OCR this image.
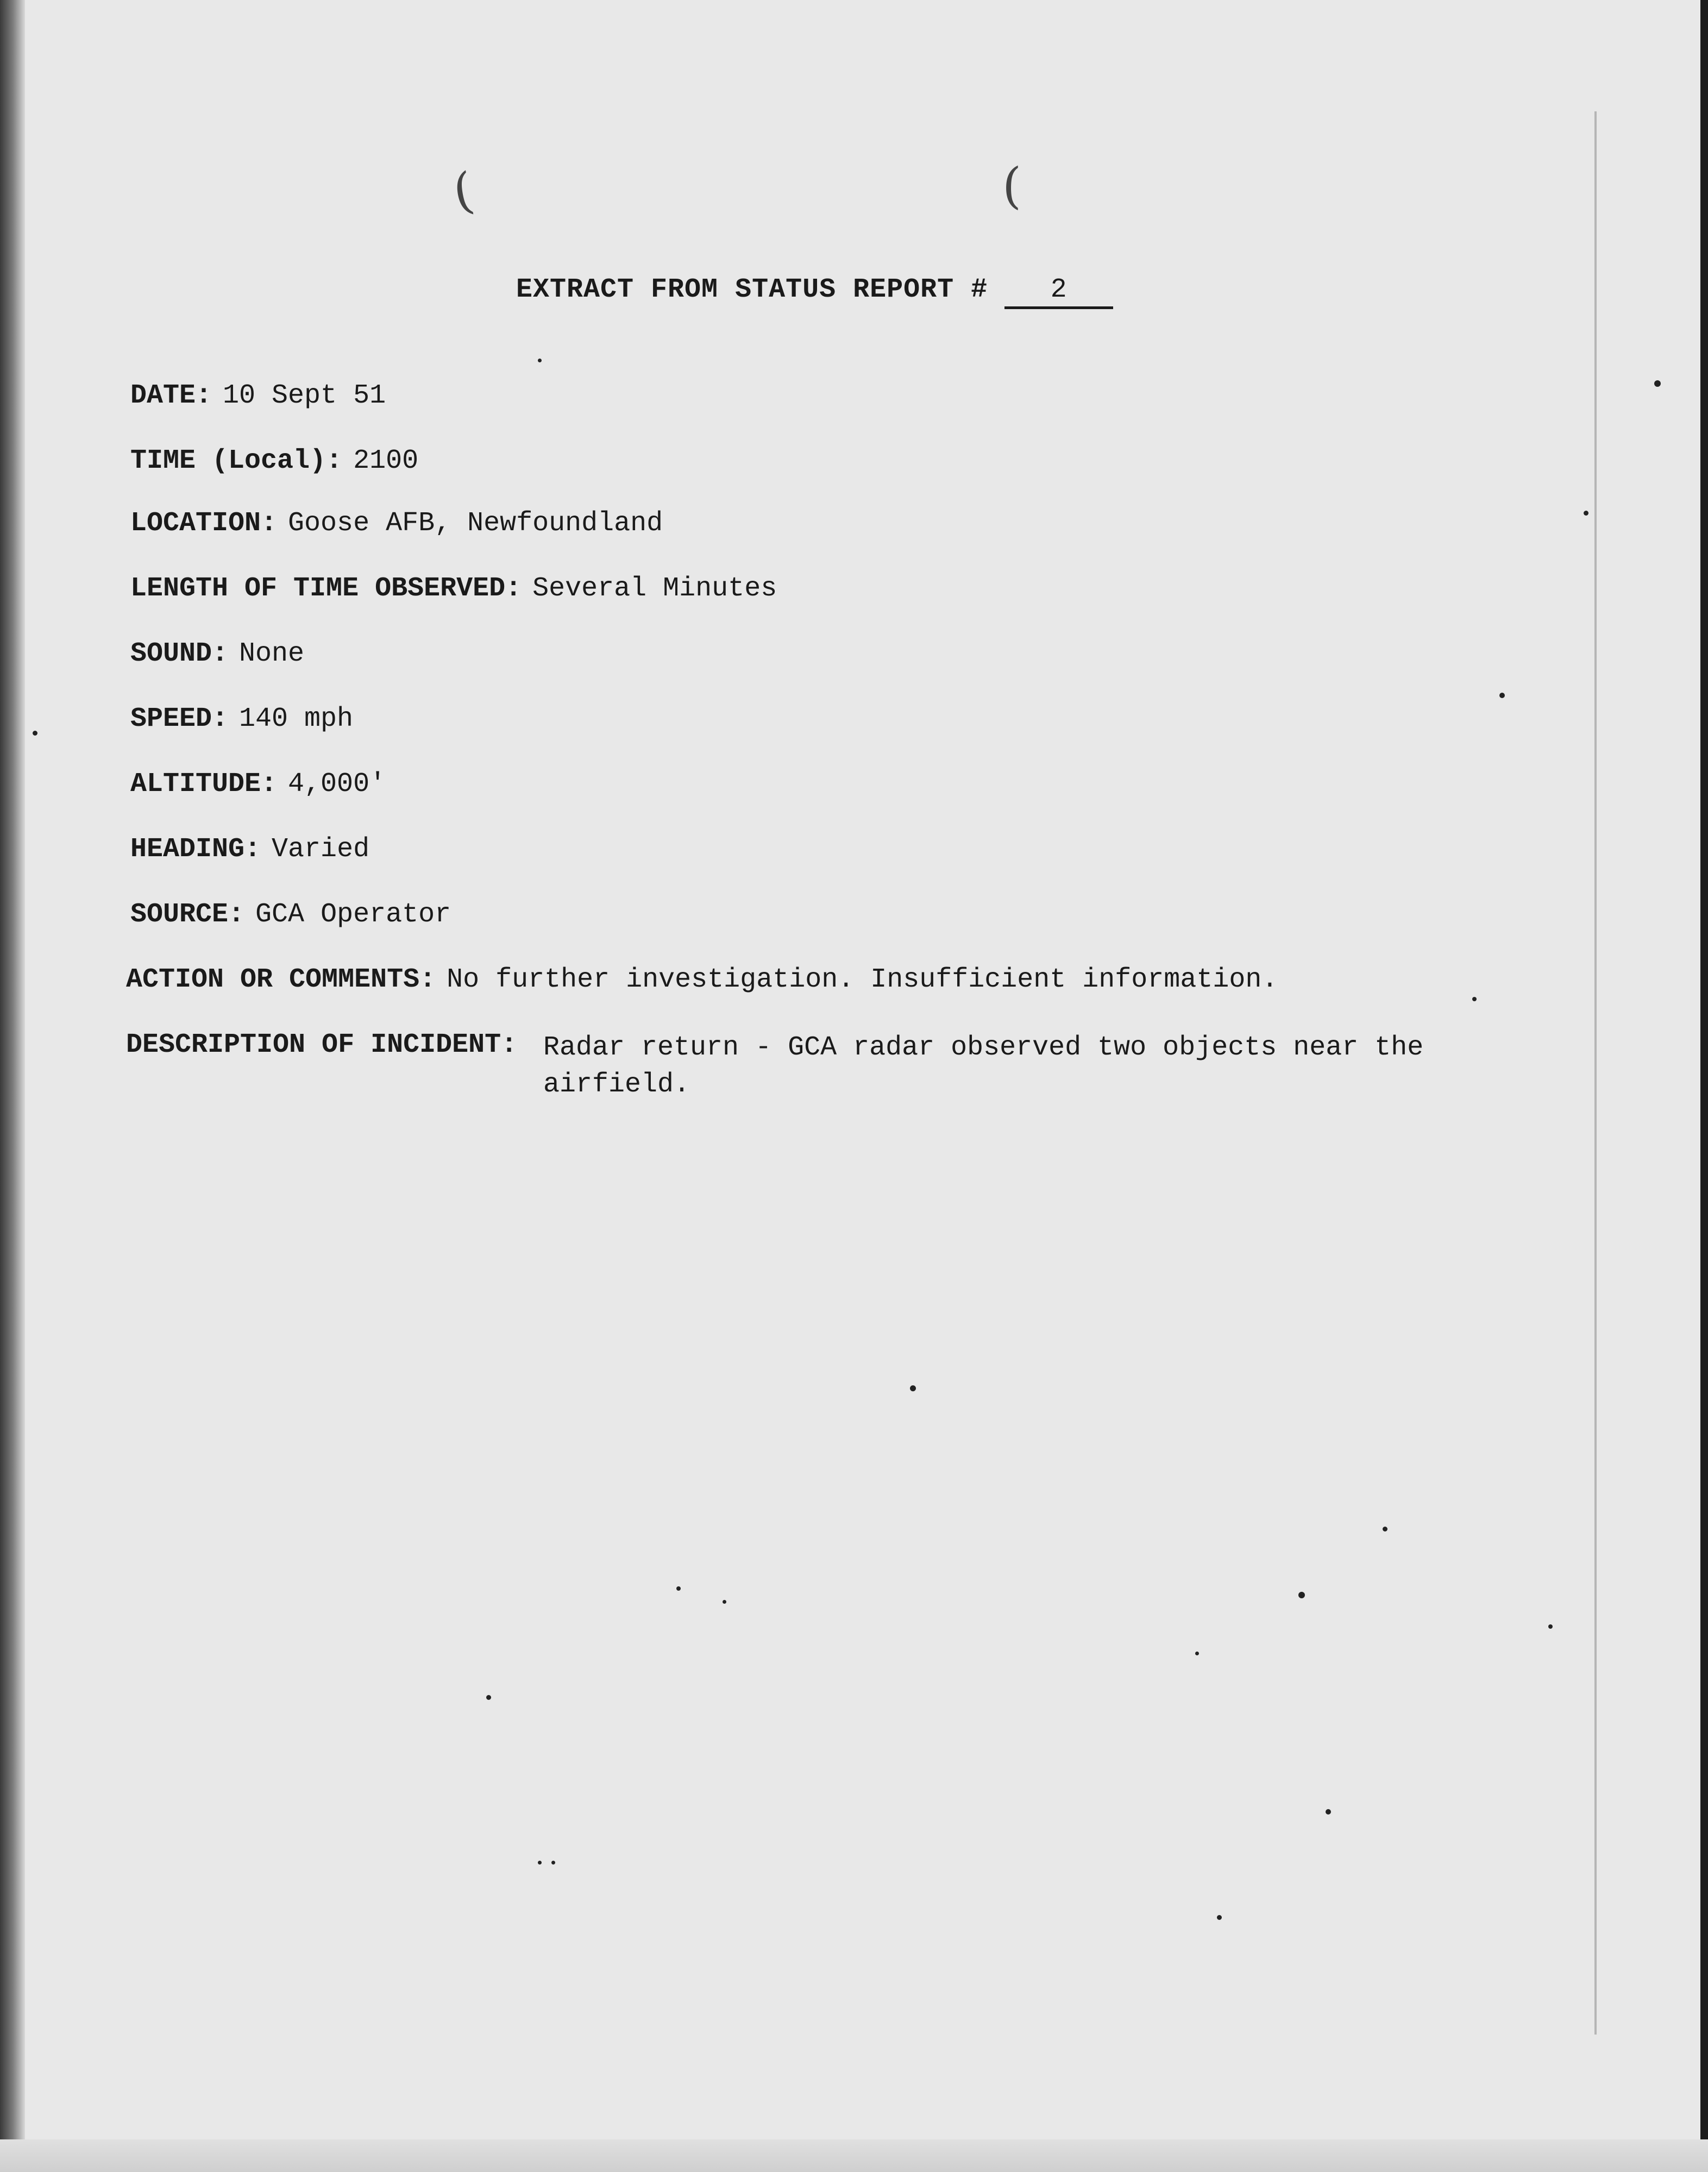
(	(
EXTRACT FROM STATUS REPORT # 2
DATE: 10 Sept 51
TIME (Local): 2100
LOCATION: Goose AFB, Newfoundland
LENGTH OF TIME OBSERVED: Several Minutes
SOUND: None
SPEED: 140 mph
ALTITUDE: 4,000'
HEADING: Varied
SOURCE: GCA Operator
ACTION OR COMMENTS: No further investigation. Insufficient information.
DESCRIPTION OF INCIDENT: Radar return - GCA radar observed two objects near the airfield.
